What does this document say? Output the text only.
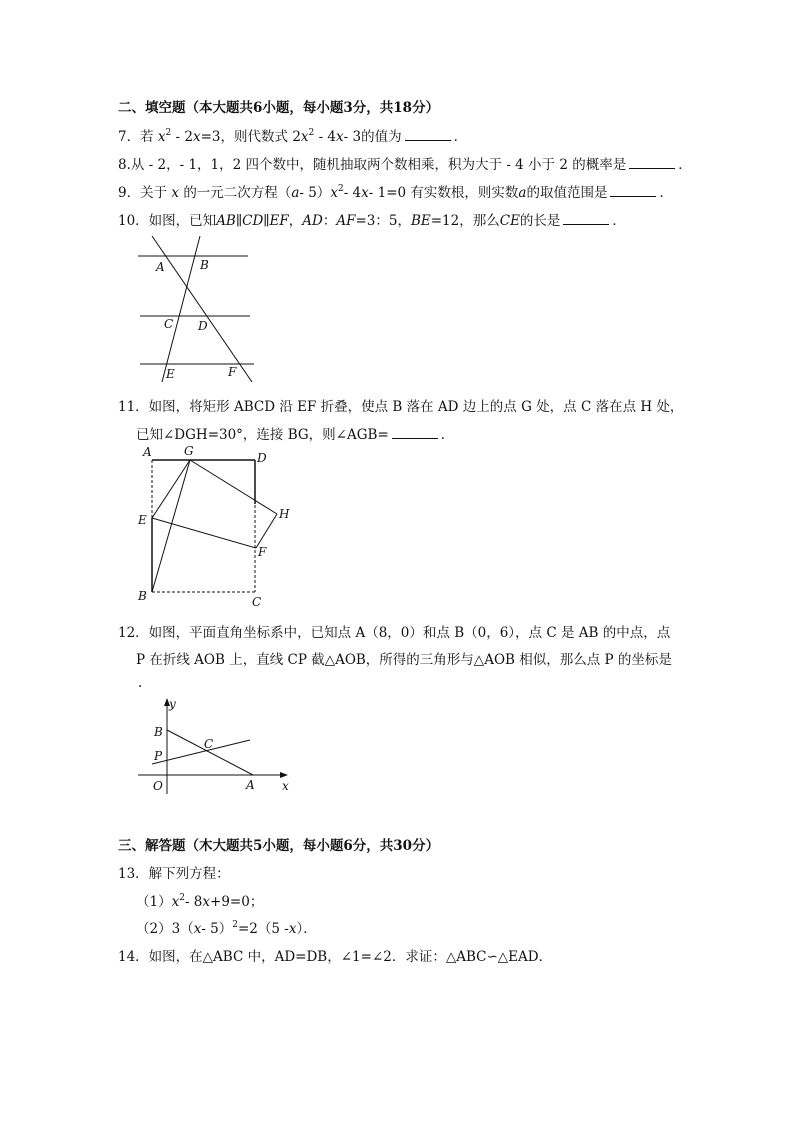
二、填空题（本大题共6小题，每小题3分，共18分）
7．若 $x^2 - 2x=3$，则代数式 $2x^2 - 4x-$ 3的值为	．
8.从 - 2，- 1，1，2 四个数中，随机抽取两个数相乘，积为大于 - 4 小于 2 的概率是	．
9．关于 x 的一元二次方程（a- $5)x^2-$ 4x- 1=0 有实数根，则实数a的取值范围是	．
10．如图，已知AB∥CD∥EF，AD：AF=3：5，BE=12，那么CE的长是	．
A	B
C D
E	F
11．如图，将矩形 ABCD 沿 EF 折叠，使点 B 落在 AD 边上的点 G 处，点 C 落在点 H 处，
已知∠DGH=30°，连接 BG，则∠AGB=	．
A	G	D
E	H
F
B	C
12．如图，平面直角坐标系中，已知点 A（8，0）和点 B（0，6），点 C 是 AB 的中点，点
P 在折线 AOB 上，直线 CP 截△AOB，所得的三角形与△AOB 相似，那么点 P 的坐标是
.
y
B
C
P
O	A x
三、解答题（木大题共5小题，每小题6分，共30分）
13．解下列方程：
$(1)x^2-$ 8x+9=0；
（2）3（x- 5）$^2$=2（5 -x）．
14．如图，在△ABC 中，AD=DB，∠1=∠2．求证：△ABC∽△EAD．
